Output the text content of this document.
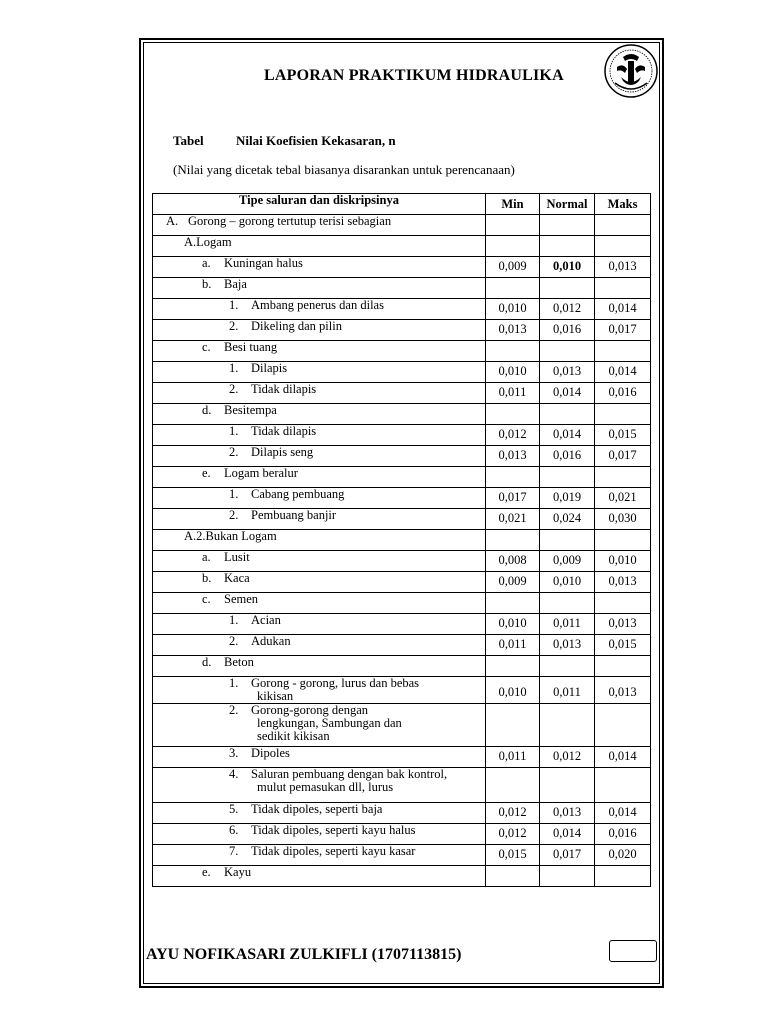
LAPORAN PRAKTIKUM HIDRAULIKA
Tabel Nilai Koefisien Kekasaran, n
(Nilai yang dicetak tebal biasanya disarankan untuk perencanaan)
Tipe saluran dan diskripsinya	Min	Normal	Maks
A. Gorong – gorong tertutup terisi sebagian			
A.Logam			
a. Kuningan halus	0,009	0,010	0,013
b. Baja			
1. Ambang penerus dan dilas	0,010	0,012	0,014
2. Dikeling dan pilin	0,013	0,016	0,017
c. Besi tuang			
1. Dilapis	0,010	0,013	0,014
2. Tidak dilapis	0,011	0,014	0,016
d. Besitempa			
1. Tidak dilapis	0,012	0,014	0,015
2. Dilapis seng	0,013	0,016	0,017
e. Logam beralur			
1. Cabang pembuang	0,017	0,019	0,021
2. Pembuang banjir	0,021	0,024	0,030
A.2.Bukan Logam			
a. Lusit	0,008	0,009	0,010
b. Kaca	0,009	0,010	0,013
c. Semen			
1. Acian	0,010	0,011	0,013
2. Adukan	0,011	0,013	0,015
d. Beton			
1. Gorong - gorong, lurus dan bebas
kikisan	0,010	0,011	0,013
2. Gorong-gorong dengan
lengkungan, Sambungan dan
sedikit kikisan			

3. Dipoles	0,011	0,012	0,014
4. Saluran pembuang dengan bak kontrol,
mulut pemasukan dll, lurus			

5. Tidak dipoles, seperti baja	0,012	0,013	0,014
6. Tidak dipoles, seperti kayu halus	0,012	0,014	0,016
7. Tidak dipoles, seperti kayu kasar	0,015	0,017	0,020
e. Kayu			
AYU NOFIKASARI ZULKIFLI (1707113815)
